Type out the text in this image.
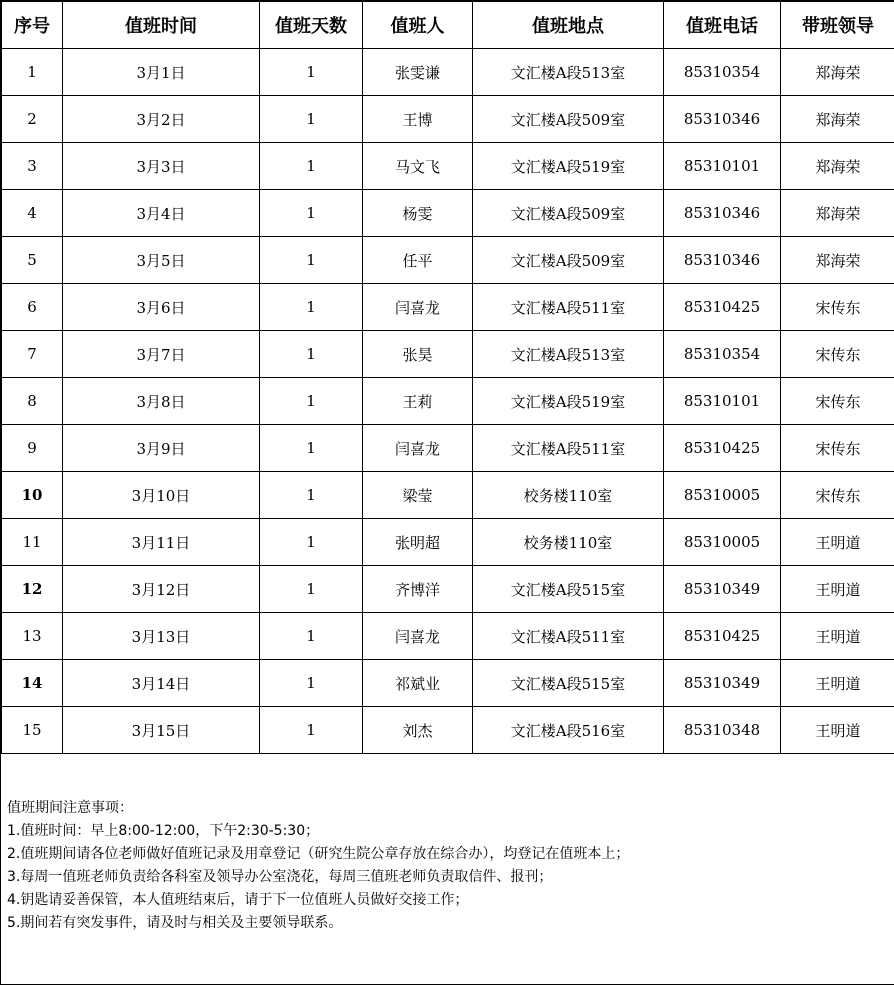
序号	值班时间	值班天数	值班人	值班地点	值班电话	带班领导
1	3月1日	1	张雯谦	文汇楼A段513室	85310354	郑海荣
2	3月2日	1	王博	文汇楼A段509室	85310346	郑海荣
3	3月3日	1	马文飞	文汇楼A段519室	85310101	郑海荣
4	3月4日	1	杨雯	文汇楼A段509室	85310346	郑海荣
5	3月5日	1	任平	文汇楼A段509室	85310346	郑海荣
6	3月6日	1	闫喜龙	文汇楼A段511室	85310425	宋传东
7	3月7日	1	张昊	文汇楼A段513室	85310354	宋传东
8	3月8日	1	王莉	文汇楼A段519室	85310101	宋传东
9	3月9日	1	闫喜龙	文汇楼A段511室	85310425	宋传东
10	3月10日	1	梁莹	校务楼110室	85310005	宋传东
11	3月11日	1	张明超	校务楼110室	85310005	王明道
12	3月12日	1	齐博洋	文汇楼A段515室	85310349	王明道
13	3月13日	1	闫喜龙	文汇楼A段511室	85310425	王明道
14	3月14日	1	祁斌业	文汇楼A段515室	85310349	王明道
15	3月15日	1	刘杰	文汇楼A段516室	85310348	王明道
值班期间注意事项：
1.值班时间：早上8:00-12:00，下午2:30-5:30；
2.值班期间请各位老师做好值班记录及用章登记（研究生院公章存放在综合办），均登记在值班本上；
3.每周一值班老师负责给各科室及领导办公室浇花，每周三值班老师负责取信件、报刊；
4.钥匙请妥善保管，本人值班结束后，请于下一位值班人员做好交接工作；
5.期间若有突发事件，请及时与相关及主要领导联系。
